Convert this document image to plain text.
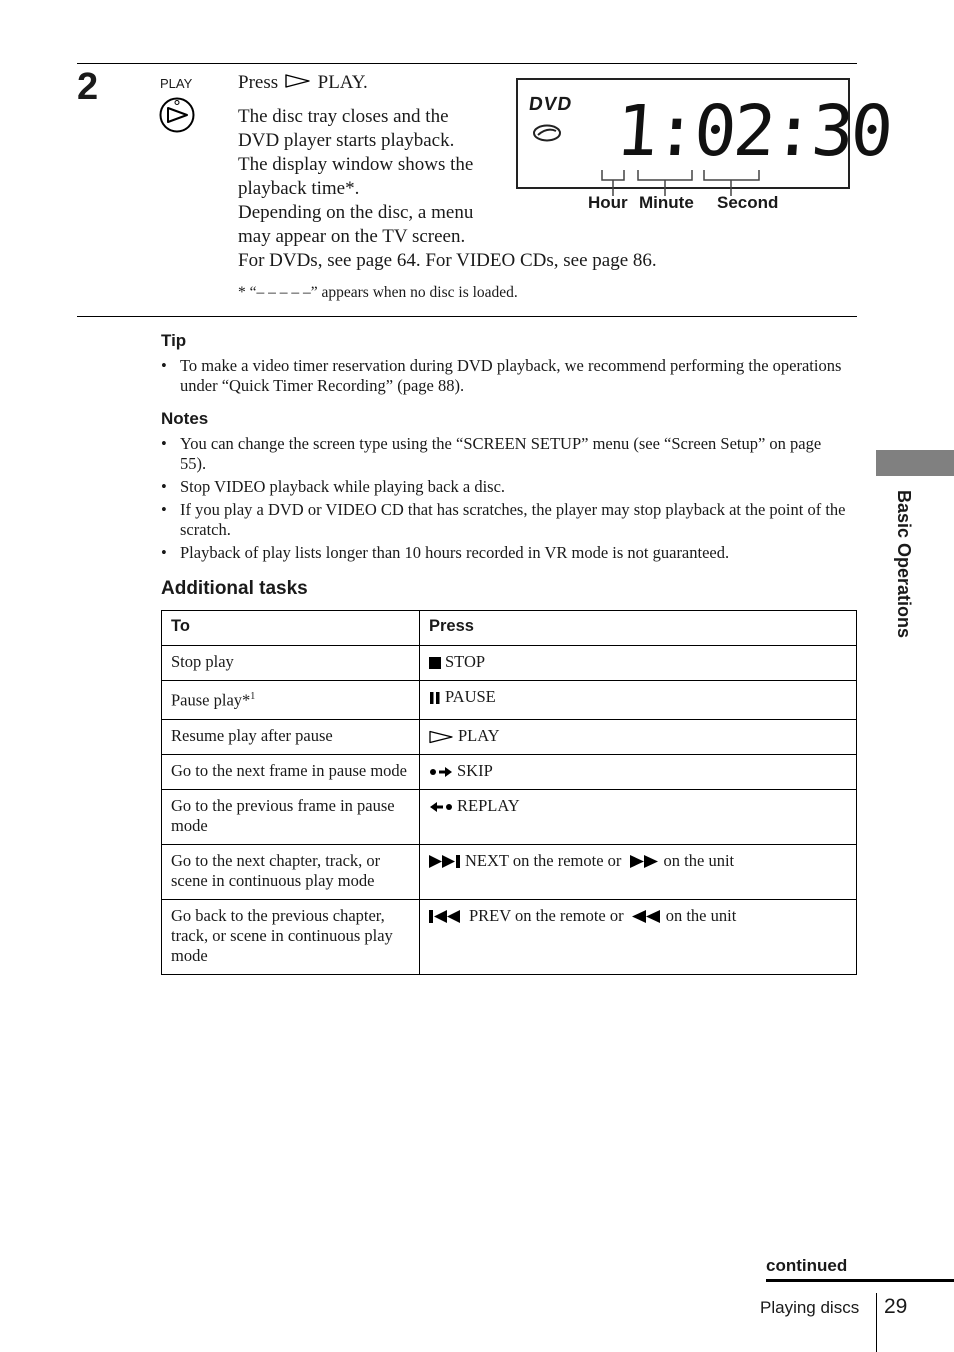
2	PLAY Press PLAY.
The disc tray closes and the
DVD player starts playback.
The display window shows the
playback time*.
Depending on the disc, a menu
may appear on the TV screen.
For DVDs, see page 64. For VIDEO CDs, see page 86.
DVD 1:02:30
Hour Minute Second
* “– – – – –” appears when no disc is loaded.
Tip
• To make a video timer reservation during DVD playback, we recommend performing the operations under “Quick Timer Recording” (page 88).
Notes
• You can change the screen type using the “SCREEN SETUP” menu (see “Screen Setup” on page 55).
• Stop VIDEO playback while playing back a disc.
• If you play a DVD or VIDEO CD that has scratches, the player may stop playback at the point of the scratch.
• Playback of play lists longer than 10 hours recorded in VR mode is not guaranteed.
Additional tasks
To	Press
Stop play	STOP
Pause play*$^1$	PAUSE
Resume play after pause	PLAY
Go to the next frame in pause mode	SKIP
Go to the previous frame in pause mode	REPLAY
Go to the next chapter, track, or scene in continuous play mode	NEXT on the remote or on the unit
Go back to the previous chapter, track, or scene in continuous play mode	PREV on the remote or on the unit
Basic Operations
continued
Playing discs 29
